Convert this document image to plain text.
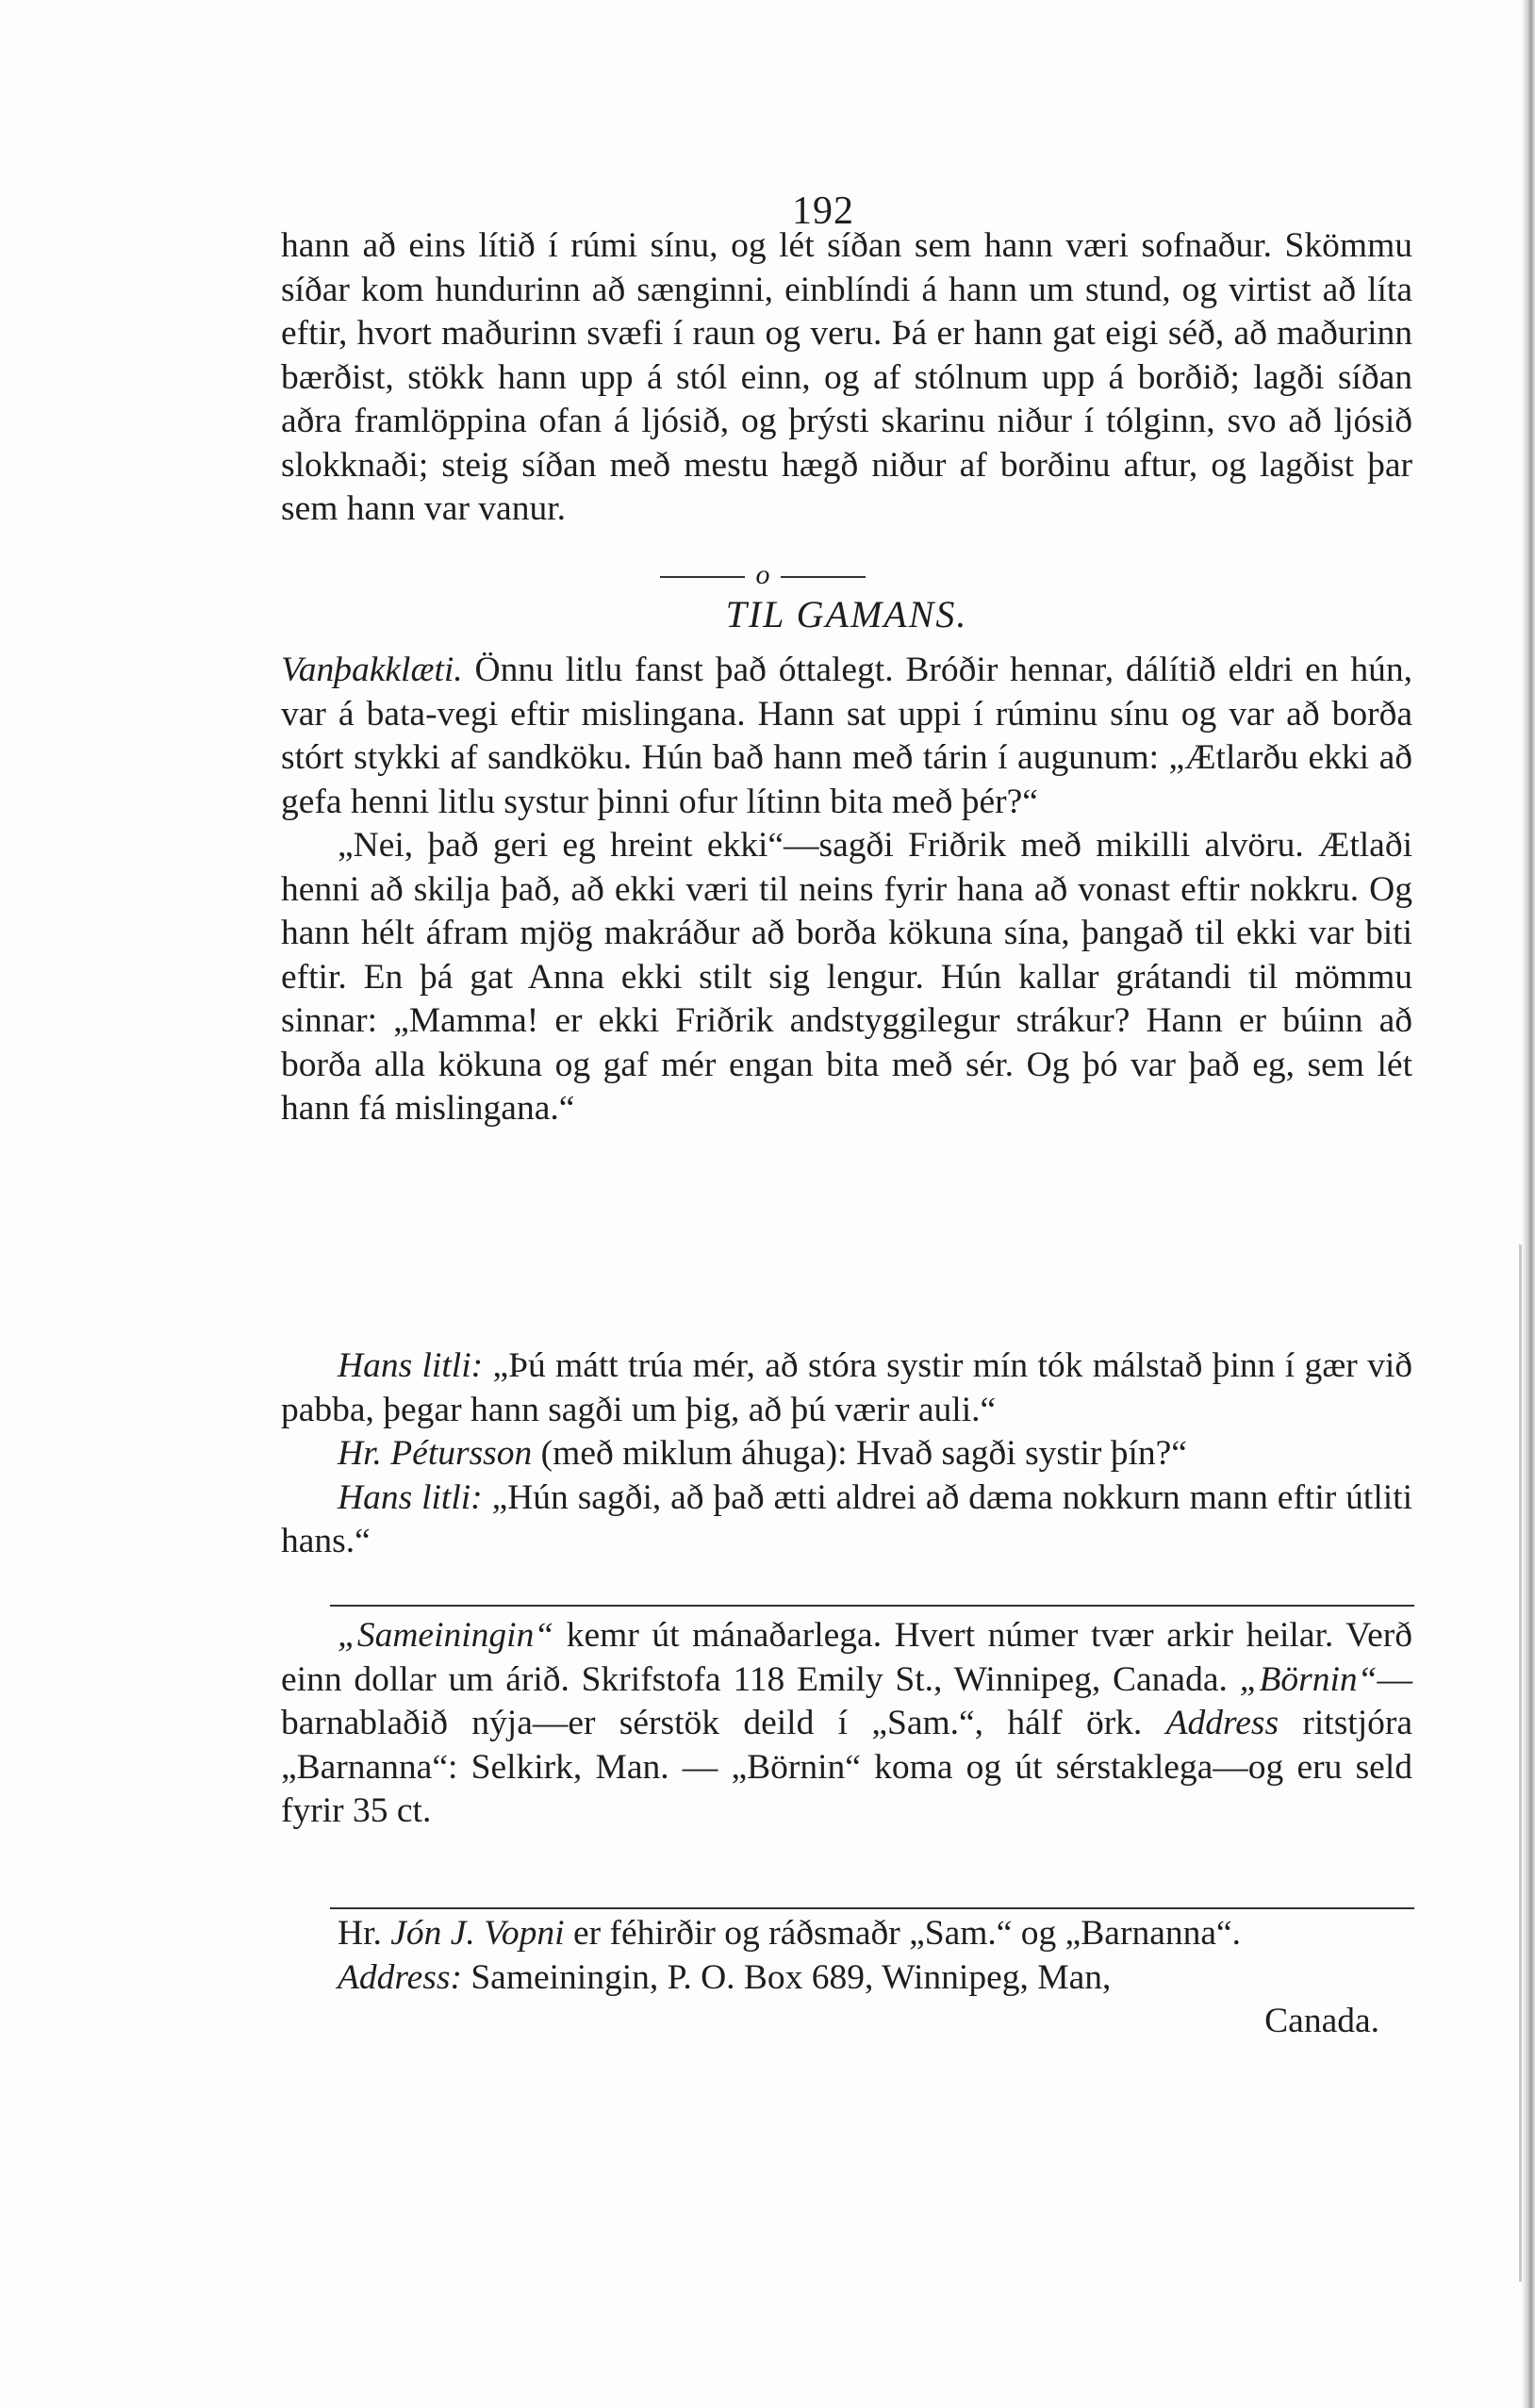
192

hann að eins lítið í rúmi sínu, og lét síðan sem hann væri sofnaður. Skömmu síðar kom hundurinn að sænginni, einblíndi á hann um stund, og virtist að líta eftir, hvort maðurinn svæfi í raun og veru. Þá er hann gat eigi séð, að maðurinn bærðist, stökk hann upp á stól einn, og af stólnum upp á borðið; lagði síðan aðra framlöppina ofan á ljósið, og þrýsti skarinu niður í tólginn, svo að ljósið slokknaði; steig síðan með mestu hægð niður af borðinu aftur, og lagðist þar sem hann var vanur.

o
TIL GAMANS.

Vanþakklæti. Önnu litlu fanst það óttalegt. Bróðir hennar, dálítið eldri en hún, var á bata-vegi eftir mislingana. Hann sat uppi í rúminu sínu og var að borða stórt stykki af sandköku. Hún bað hann með tárin í augunum: „Ætlarðu ekki að gefa henni litlu systur þinni ofur lítinn bita með þér?“

„Nei, það geri eg hreint ekki“—sagði Friðrik með mikilli alvöru. Ætlaði henni að skilja það, að ekki væri til neins fyrir hana að vonast eftir nokkru. Og hann hélt áfram mjög makráður að borða kökuna sína, þangað til ekki var biti eftir. En þá gat Anna ekki stilt sig lengur. Hún kallar grátandi til mömmu sinnar: „Mamma! er ekki Friðrik andstyggilegur strákur? Hann er búinn að borða alla kökuna og gaf mér engan bita með sér. Og þó var það eg, sem lét hann fá mislingana.“

Hans litli: „Þú mátt trúa mér, að stóra systir mín tók málstað þinn í gær við pabba, þegar hann sagði um þig, að þú værir auli.“

Hr. Pétursson (með miklum áhuga): Hvað sagði systir þín?“

Hans litli: „Hún sagði, að það ætti aldrei að dæma nokkurn mann eftir útliti hans.“

„Sameiningin“ kemr út mánaðarlega. Hvert númer tvær arkir heilar. Verð einn dollar um árið. Skrifstofa 118 Emily St., Winnipeg, Canada. „Börnin“—barnablaðið nýja—er sérstök deild í „Sam.“, hálf örk. Address ritstjóra „Barnanna“: Selkirk, Man. — „Börnin“ koma og út sérstaklega—og eru seld fyrir 35 ct.

Hr. Jón J. Vopni er féhirðir og ráðsmaðr „Sam.“ og „Barnanna“.

Address: Sameiningin, P. O. Box 689, Winnipeg, Man,

Canada.
